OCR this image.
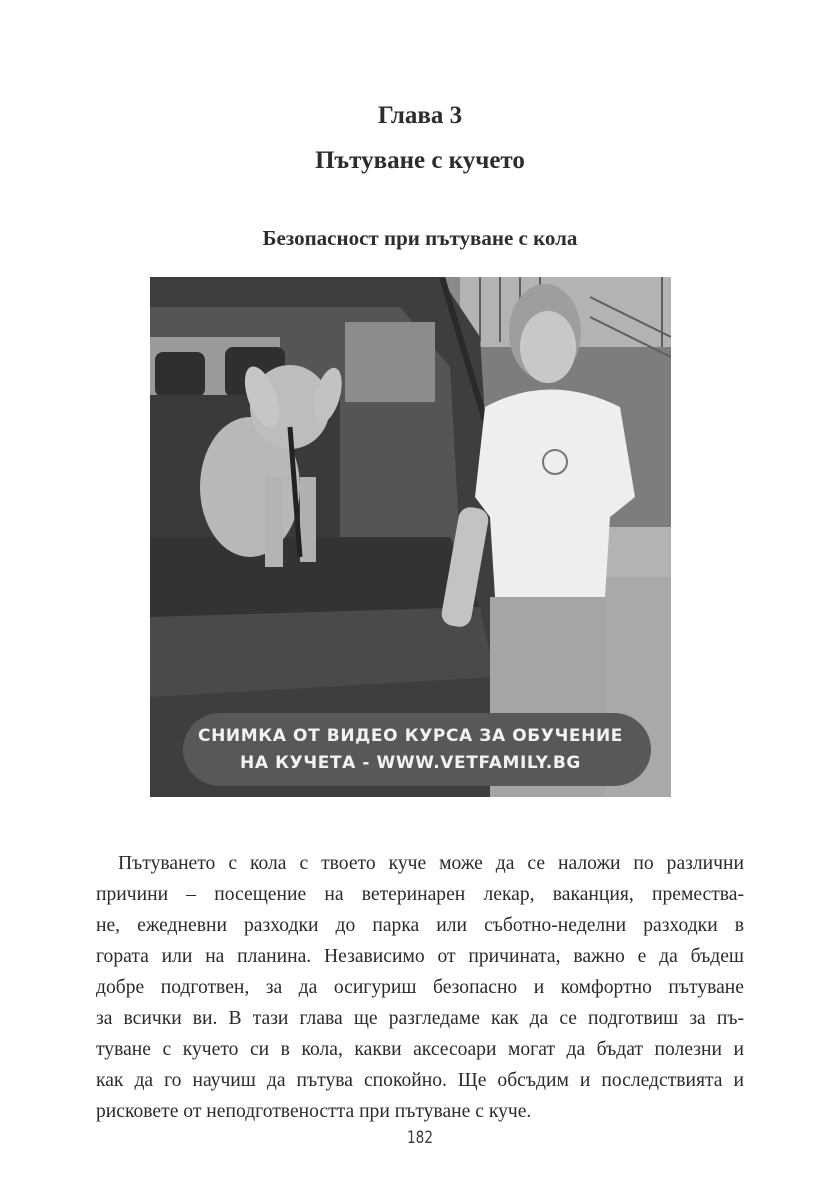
Глава 3
Пътуване с кучето
Безопасност при пътуване с кола
СНИМКА ОТ ВИДЕО КУРСА ЗА ОБУЧЕНИЕ
НА КУЧЕТА - WWW.VETFAMILY.BG
Пътуването с кола с твоето куче може да се наложи по различни
причини – посещение на ветеринарен лекар, ваканция, премества-
не, ежедневни разходки до парка или съботно-неделни разходки в
гората или на планина. Независимо от причината, важно е да бъдеш
добре подготвен, за да осигуриш безопасно и комфортно пътуване
за всички ви. В тази глава ще разгледаме как да се подготвиш за пъ-
туване с кучето си в кола, какви аксесоари могат да бъдат полезни и
как да го научиш да пътува спокойно. Ще обсъдим и последствията и
рисковете от неподготвеността при пътуване с куче.
182
